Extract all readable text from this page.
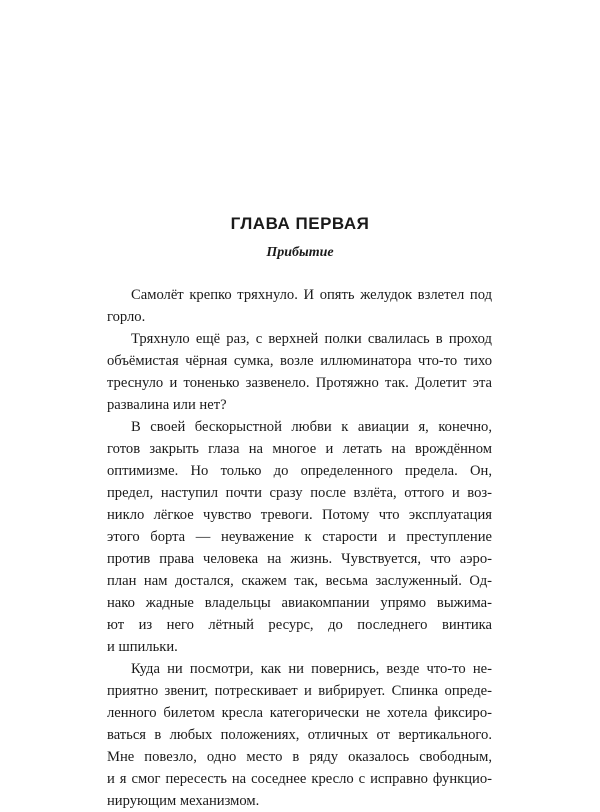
ГЛАВА ПЕРВАЯ
Прибытие
Самолёт крепко тряхнуло. И опять желудок взлетел под
горло.
Тряхнуло ещё раз, с верхней полки свалилась в проход
объёмистая чёрная сумка, возле иллюминатора что-то тихо
треснуло и тоненько зазвенело. Протяжно так. Долетит эта
развалина или нет?
В своей бескорыстной любви к авиации я, конечно,
готов закрыть глаза на многое и летать на врождённом
оптимизме. Но только до определенного предела. Он,
предел, наступил почти сразу после взлёта, оттого и воз-
никло лёгкое чувство тревоги. Потому что эксплуатация
этого борта — неуважение к старости и преступление
против права человека на жизнь. Чувствуется, что аэро-
план нам достался, скажем так, весьма заслуженный. Од-
нако жадные владельцы авиакомпании упрямо выжима-
ют из него лётный ресурс, до последнего винтика
и шпильки.
Куда ни посмотри, как ни повернись, везде что-то не-
приятно звенит, потрескивает и вибрирует. Спинка опреде-
ленного билетом кресла категорически не хотела фиксиро-
ваться в любых положениях, отличных от вертикального.
Мне повезло, одно место в ряду оказалось свободным,
и я смог пересесть на соседнее кресло с исправно функцио-
нирующим механизмом.
